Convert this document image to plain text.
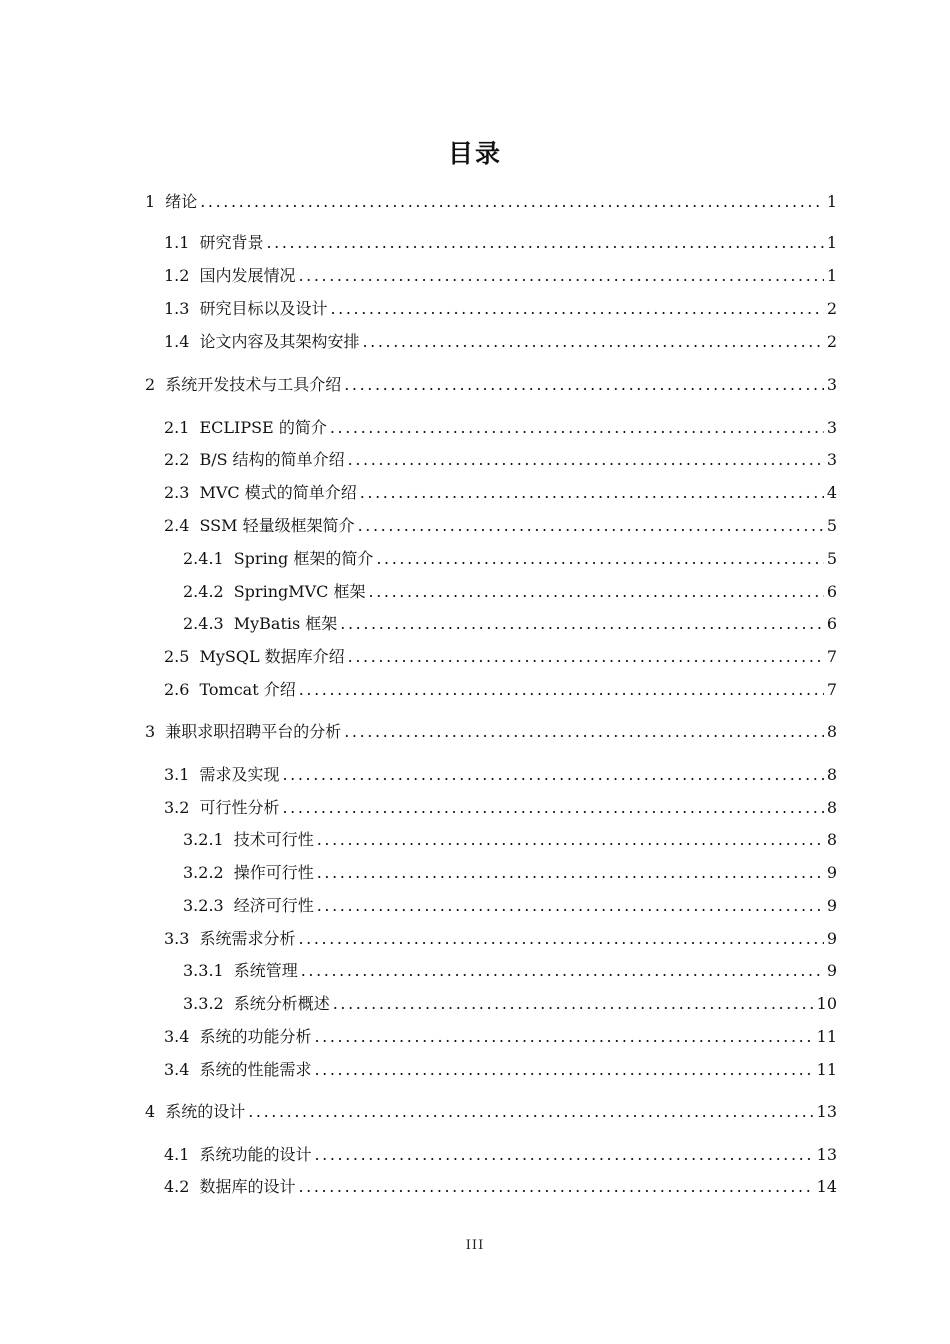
目录
1 绪论 .....	1
1.1 研究背景 .....	1
1.2 国内发展情况 .....	1
1.3 研究目标以及设计 .....	2
1.4 论文内容及其架构安排 .....	2
2 系统开发技术与工具介绍 .....	3
2.1 ECLIPSE 的简介 .....	3
2.2 B/S 结构的简单介绍 .....	3
2.3 MVC 模式的简单介绍 .....	4
2.4 SSM 轻量级框架简介 .....	5
2.4.1 Spring 框架的简介 .....	5
2.4.2 SpringMVC 框架 .....	6
2.4.3 MyBatis 框架 .....	6
2.5 MySQL 数据库介绍 .....	7
2.6 Tomcat 介绍 .....	7
3 兼职求职招聘平台的分析 .....	8
3.1 需求及实现 .....	8
3.2 可行性分析 .....	8
3.2.1 技术可行性 .....	8
3.2.2 操作可行性 .....	9
3.2.3 经济可行性 .....	9
3.3 系统需求分析 .....	9
3.3.1 系统管理 .....	9
3.3.2 系统分析概述 .....	10
3.4 系统的功能分析 .....	11
3.4 系统的性能需求 .....	11
4 系统的设计 .....	13
4.1 系统功能的设计 .....	13
4.2 数据库的设计 .....	14
III
